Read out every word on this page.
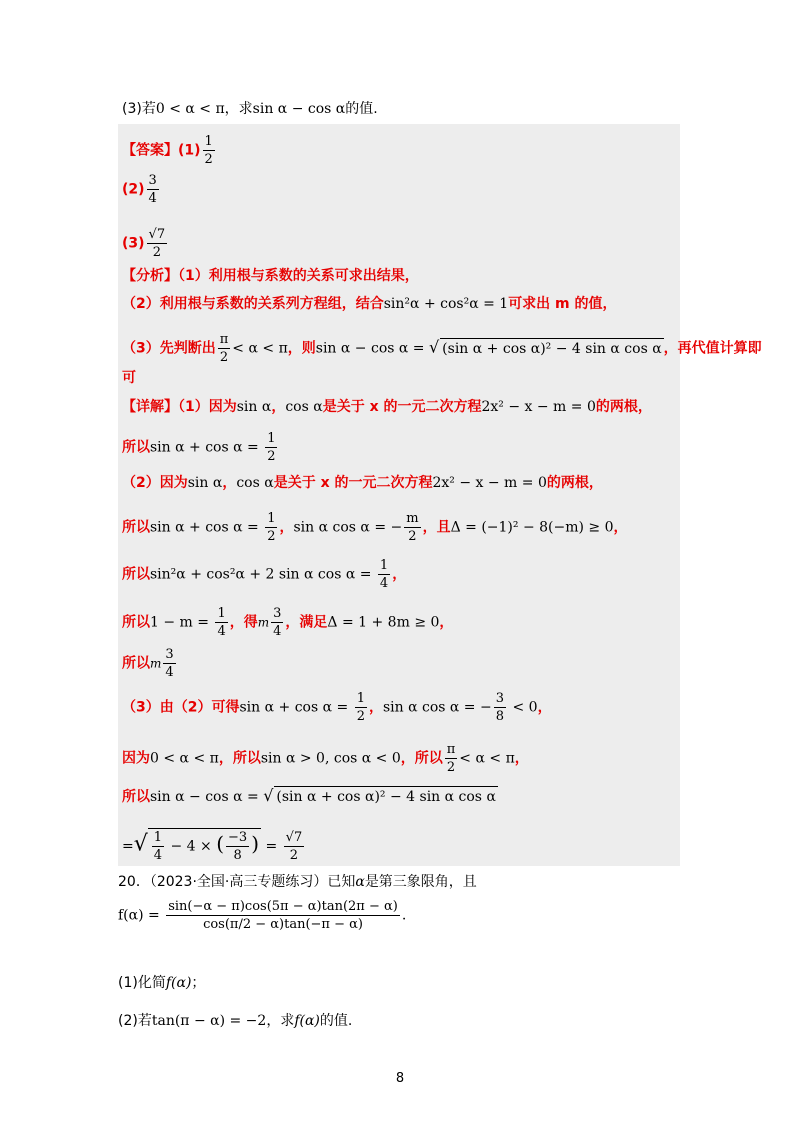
(3)若0 < α < π，求sin α − cos α的值.
【答案】$(1) \frac{1}{2}$
$(2) \frac{3}{4}$
$(3) \frac{√7}{2}$
【分析】（1）利用根与系数的关系可求出结果，
（2）利用根与系数的关系列方程组，结合sin²α + cos²α = 1可求出 m 的值，
（3）先判断出 $\frac{\pi}{2} < \alpha < \pi$，则sin α − cos α = √ (sin α + cos α)² − 4 sin α cos α ，再代值计算即
可
【详解】（1）因为sin α，cos α是关于 x 的一元二次方程2x² − x − m = 0的两根，
所以$\sin \alpha + \cos \alpha = \frac{1}{2}$
（2）因为sin α，cos α是关于 x 的一元二次方程2x² − x − m = 0的两根，
所以$\sin \alpha + \cos \alpha = \frac{1}{2}$ ，sin α cos α = − $\frac{m}{2}$ ，且Δ = (−1)² − 8(−m) ≥ 0，
所以sin²α + cos²α + 2 sin α $\cos \alpha = \frac{1}{4}$ ，
所以$1 - m = \frac{1}{4}$ ，得m $\frac{3}{4}$ ，满足Δ = 1 + 8m ≥ 0，
所以m $\frac{3}{4}$
（3）由（2）可得$\sin \alpha + \cos \alpha = \frac{1}{2}$ ，sin α cos α = − $\frac{3}{8} < 0$，
因为0 < α < π，所以sin α > 0, cos α < 0，所以 $\frac{\pi}{2} < \alpha < \pi$，
所以sin α − cos α = √ (sin α + cos α)² − 4 sin α cos α
=√ $\frac{1}{4} - 4$ × ( $\frac{-3}{8}$ ) = $\frac{√7}{2}$
20．（2023·全国·高三专题练习）已知α是第三象限角，且
$f(\alpha) = \frac{\sin(-\alpha - \pi)\cos(5\pi - \alpha)\tan(2\pi - \alpha)}{\cos(\pi/2 - \alpha)\tan(-\pi - \alpha)}$ .
(1)化简f(α)；
(2)若tan(π − α) = −2，求f(α)的值.
8
